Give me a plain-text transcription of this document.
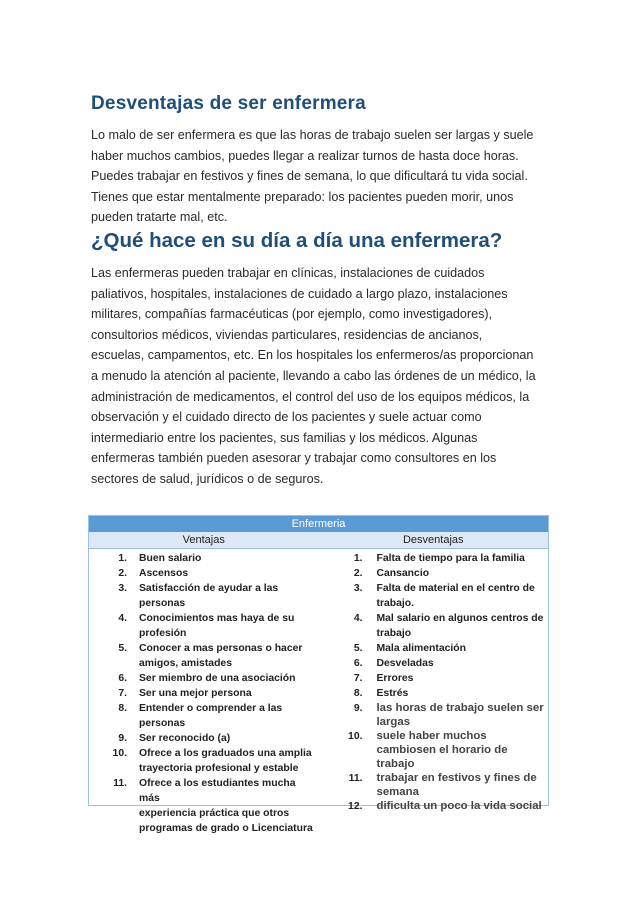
Desventajas de ser enfermera
Lo malo de ser enfermera es que las horas de trabajo suelen ser largas y suele
haber muchos cambios, puedes llegar a realizar turnos de hasta doce horas.
Puedes trabajar en festivos y fines de semana, lo que dificultará tu vida social.
Tienes que estar mentalmente preparado: los pacientes pueden morir, unos
pueden tratarte mal, etc.
¿Qué hace en su día a día una enfermera?
Las enfermeras pueden trabajar en clínicas, instalaciones de cuidados
paliativos, hospitales, instalaciones de cuidado a largo plazo, instalaciones
militares, compañías farmacéuticas (por ejemplo, como investigadores),
consultorios médicos, viviendas particulares, residencias de ancianos,
escuelas, campamentos, etc. En los hospitales los enfermeros/as proporcionan
a menudo la atención al paciente, llevando a cabo las órdenes de un médico, la
administración de medicamentos, el control del uso de los equipos médicos, la
observación y el cuidado directo de los pacientes y suele actuar como
intermediario entre los pacientes, sus familias y los médicos. Algunas
enfermeras también pueden asesorar y trabajar como consultores en los
sectores de salud, jurídicos o de seguros.
Enfermeria
Ventajas	Desventajas
1. Buen salario
2. Ascensos
3. Satisfacción de ayudar a las
personas
4. Conocimientos mas haya de su
profesión
5. Conocer a mas personas o hacer
amigos, amistades
6. Ser miembro de una asociación
7. Ser una mejor persona
8. Entender o comprender a las
personas
9. Ser reconocido (a)
10. Ofrece a los graduados una amplia
trayectoria profesional y estable
11. Ofrece a los estudiantes mucha más
experiencia práctica que otros
programas de grado o Licenciatura
1. Falta de tiempo para la familia
2. Cansancio
3. Falta de material en el centro de
trabajo.
4. Mal salario en algunos centros de
trabajo
5. Mala alimentación
6. Desveladas
7. Errores
8. Estrés
9. las horas de trabajo suelen ser
largas
10. suele haber muchos
cambiosen el horario de
trabajo
11. trabajar en festivos y fines de
semana
12. dificulta un poco la vida social
